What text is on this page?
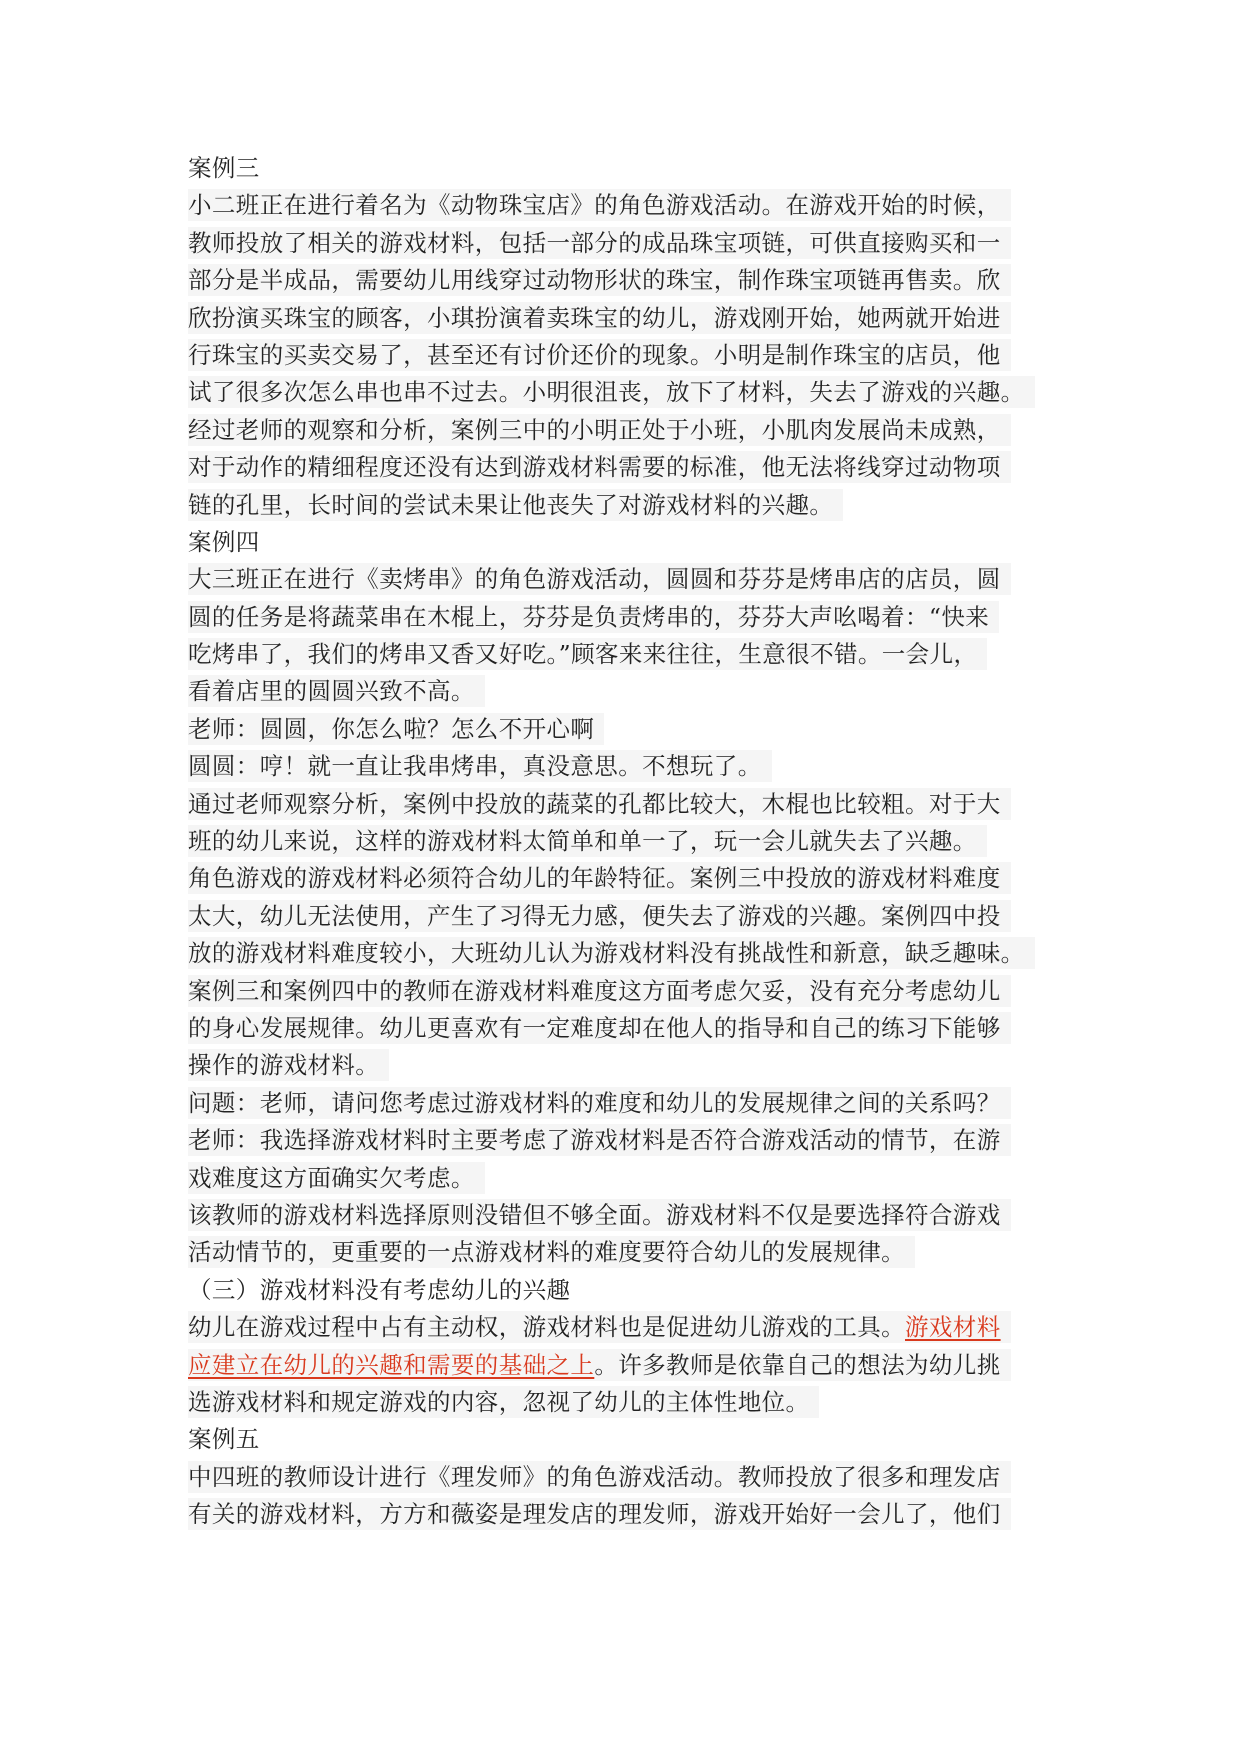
案例三
小二班正在进行着名为《动物珠宝店》的角色游戏活动。在游戏开始的时候，
教师投放了相关的游戏材料，包括一部分的成品珠宝项链，可供直接购买和一
部分是半成品，需要幼儿用线穿过动物形状的珠宝，制作珠宝项链再售卖。欣
欣扮演买珠宝的顾客，小琪扮演着卖珠宝的幼儿，游戏刚开始，她两就开始进
行珠宝的买卖交易了，甚至还有讨价还价的现象。小明是制作珠宝的店员，他
试了很多次怎么串也串不过去。小明很沮丧，放下了材料，失去了游戏的兴趣。
经过老师的观察和分析，案例三中的小明正处于小班，小肌肉发展尚未成熟，
对于动作的精细程度还没有达到游戏材料需要的标准，他无法将线穿过动物项
链的孔里，长时间的尝试未果让他丧失了对游戏材料的兴趣。
案例四
大三班正在进行《卖烤串》的角色游戏活动，圆圆和芬芬是烤串店的店员，圆
圆的任务是将蔬菜串在木棍上，芬芬是负责烤串的，芬芬大声吆喝着：“快来
吃烤串了，我们的烤串又香又好吃。”顾客来来往往，生意很不错。一会儿，
看着店里的圆圆兴致不高。
老师：圆圆，你怎么啦？怎么不开心啊
圆圆：哼！就一直让我串烤串，真没意思。不想玩了。
通过老师观察分析，案例中投放的蔬菜的孔都比较大，木棍也比较粗。对于大
班的幼儿来说，这样的游戏材料太简单和单一了，玩一会儿就失去了兴趣。
角色游戏的游戏材料必须符合幼儿的年龄特征。案例三中投放的游戏材料难度
太大，幼儿无法使用，产生了习得无力感，便失去了游戏的兴趣。案例四中投
放的游戏材料难度较小，大班幼儿认为游戏材料没有挑战性和新意，缺乏趣味。
案例三和案例四中的教师在游戏材料难度这方面考虑欠妥，没有充分考虑幼儿
的身心发展规律。幼儿更喜欢有一定难度却在他人的指导和自己的练习下能够
操作的游戏材料。
问题：老师，请问您考虑过游戏材料的难度和幼儿的发展规律之间的关系吗？
老师：我选择游戏材料时主要考虑了游戏材料是否符合游戏活动的情节，在游
戏难度这方面确实欠考虑。
该教师的游戏材料选择原则没错但不够全面。游戏材料不仅是要选择符合游戏
活动情节的，更重要的一点游戏材料的难度要符合幼儿的发展规律。
（三）游戏材料没有考虑幼儿的兴趣
幼儿在游戏过程中占有主动权，游戏材料也是促进幼儿游戏的工具。游戏材料
应建立在幼儿的兴趣和需要的基础之上。许多教师是依靠自己的想法为幼儿挑
选游戏材料和规定游戏的内容，忽视了幼儿的主体性地位。
案例五
中四班的教师设计进行《理发师》的角色游戏活动。教师投放了很多和理发店
有关的游戏材料，方方和薇姿是理发店的理发师，游戏开始好一会儿了，他们
